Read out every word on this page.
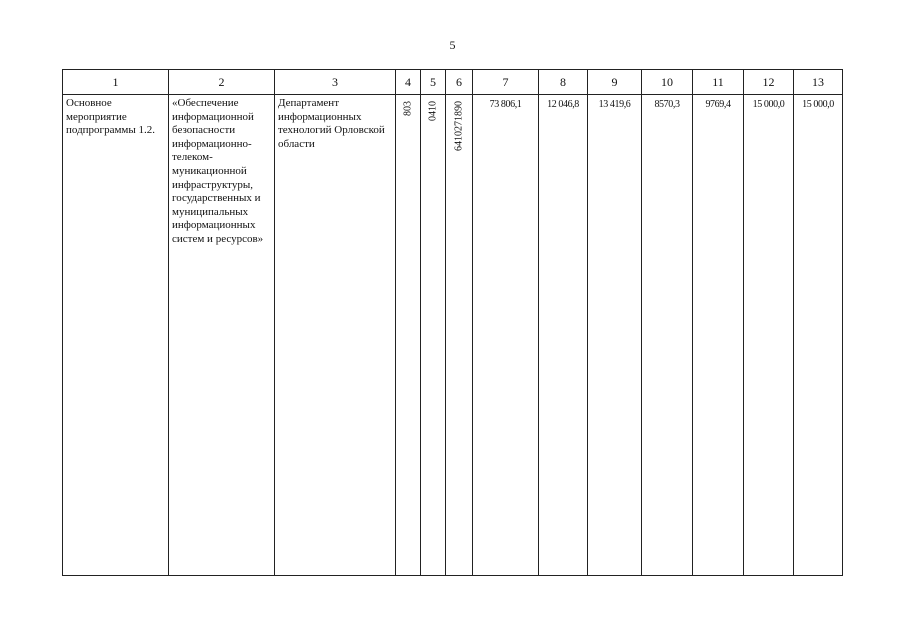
5
1	2	3	4	5	6	7	8	9	10	11	12	13

Основное мероприятие подпрограммы 1.2.	«Обеспечение информационной безопасности информационно-телеком-муникационной инфраструктуры, государственных и муниципальных информационных систем и ресурсов»	Департамент информационных технологий Орловской области	803	0410	6410271890	73 806,1	12 046,8	13 419,6	8570,3	9769,4	15 000,0	15 000,0
